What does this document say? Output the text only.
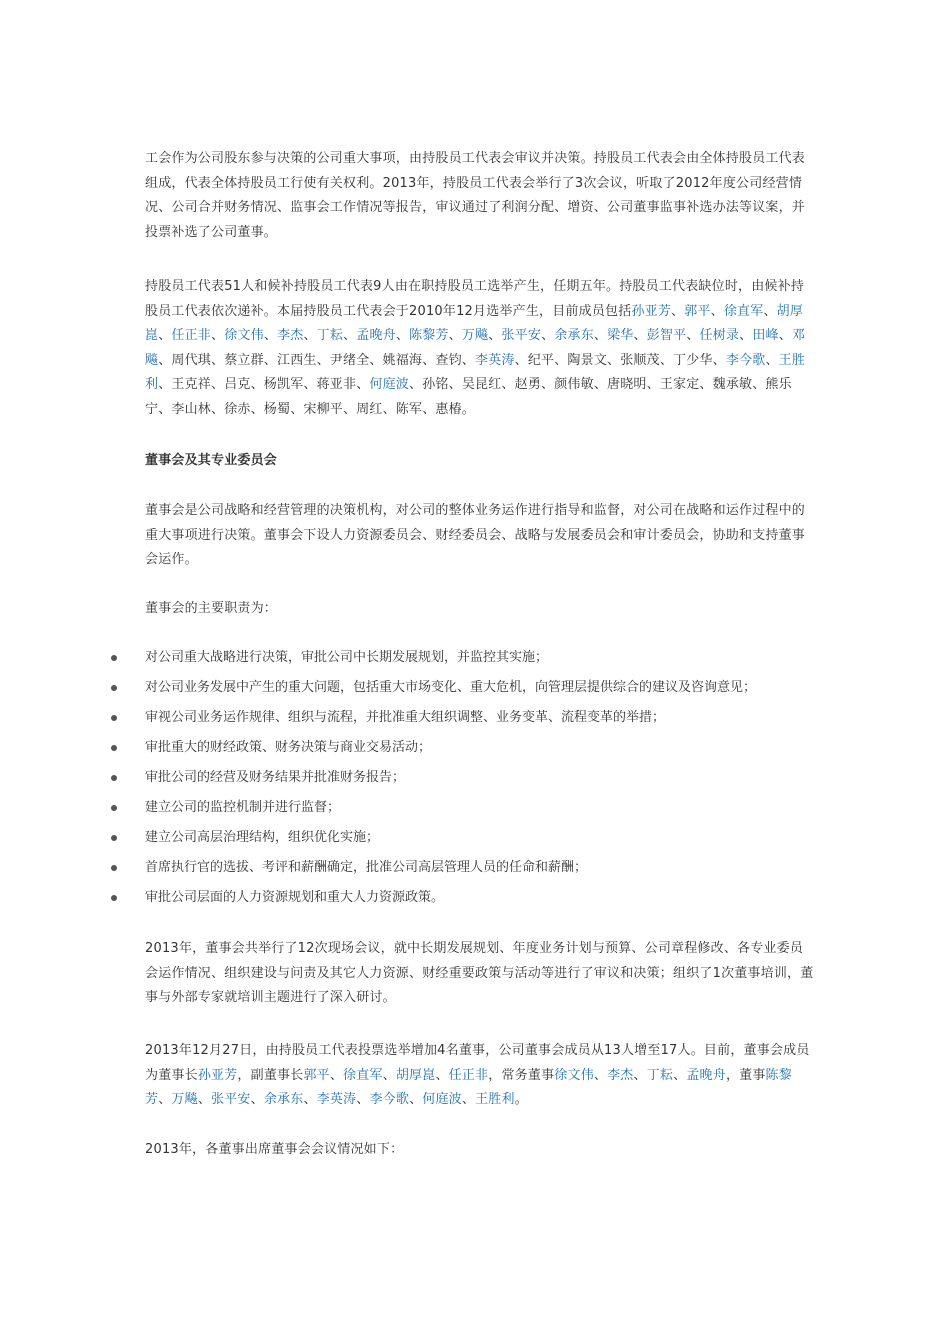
工会作为公司股东参与决策的公司重大事项，由持股员工代表会审议并决策。持股员工代表会由全体持股员工代表组成，代表全体持股员工行使有关权利。2013年，持股员工代表会举行了3次会议，听取了2012年度公司经营情况、公司合并财务情况、监事会工作情况等报告，审议通过了利润分配、增资、公司董事监事补选办法等议案，并投票补选了公司董事。

持股员工代表51人和候补持股员工代表9人由在职持股员工选举产生，任期五年。持股员工代表缺位时，由候补持股员工代表依次递补。本届持股员工代表会于2010年12月选举产生，目前成员包括孙亚芳、郭平、徐直军、胡厚崑、任正非、徐文伟、李杰、丁耘、孟晚舟、陈黎芳、万飚、张平安、余承东、梁华、彭智平、任树录、田峰、邓飚、周代琪、蔡立群、江西生、尹绪全、姚福海、查钧、李英涛、纪平、陶景文、张顺茂、丁少华、李今歌、王胜利、王克祥、吕克、杨凯军、蒋亚非、何庭波、孙铭、吴昆红、赵勇、颜伟敏、唐晓明、王家定、魏承敏、熊乐宁、李山林、徐赤、杨蜀、宋柳平、周红、陈军、惠椿。

董事会及其专业委员会

董事会是公司战略和经营管理的决策机构，对公司的整体业务运作进行指导和监督，对公司在战略和运作过程中的重大事项进行决策。董事会下设人力资源委员会、财经委员会、战略与发展委员会和审计委员会，协助和支持董事会运作。

董事会的主要职责为：

对公司重大战略进行决策，审批公司中长期发展规划，并监控其实施；
对公司业务发展中产生的重大问题，包括重大市场变化、重大危机，向管理层提供综合的建议及咨询意见；
审视公司业务运作规律、组织与流程，并批准重大组织调整、业务变革、流程变革的举措；
审批重大的财经政策、财务决策与商业交易活动；
审批公司的经营及财务结果并批准财务报告；
建立公司的监控机制并进行监督；
建立公司高层治理结构，组织优化实施；
首席执行官的选拔、考评和薪酬确定，批准公司高层管理人员的任命和薪酬；
审批公司层面的人力资源规划和重大人力资源政策。

2013年，董事会共举行了12次现场会议，就中长期发展规划、年度业务计划与预算、公司章程修改、各专业委员会运作情况、组织建设与问责及其它人力资源、财经重要政策与活动等进行了审议和决策；组织了1次董事培训，董事与外部专家就培训主题进行了深入研讨。

2013年12月27日，由持股员工代表投票选举增加4名董事，公司董事会成员从13人增至17人。目前，董事会成员为董事长孙亚芳，副董事长郭平、徐直军、胡厚崑、任正非，常务董事徐文伟、李杰、丁耘、孟晚舟，董事陈黎芳、万飚、张平安、余承东、李英涛、李今歌、何庭波、王胜利。

2013年，各董事出席董事会会议情况如下：
